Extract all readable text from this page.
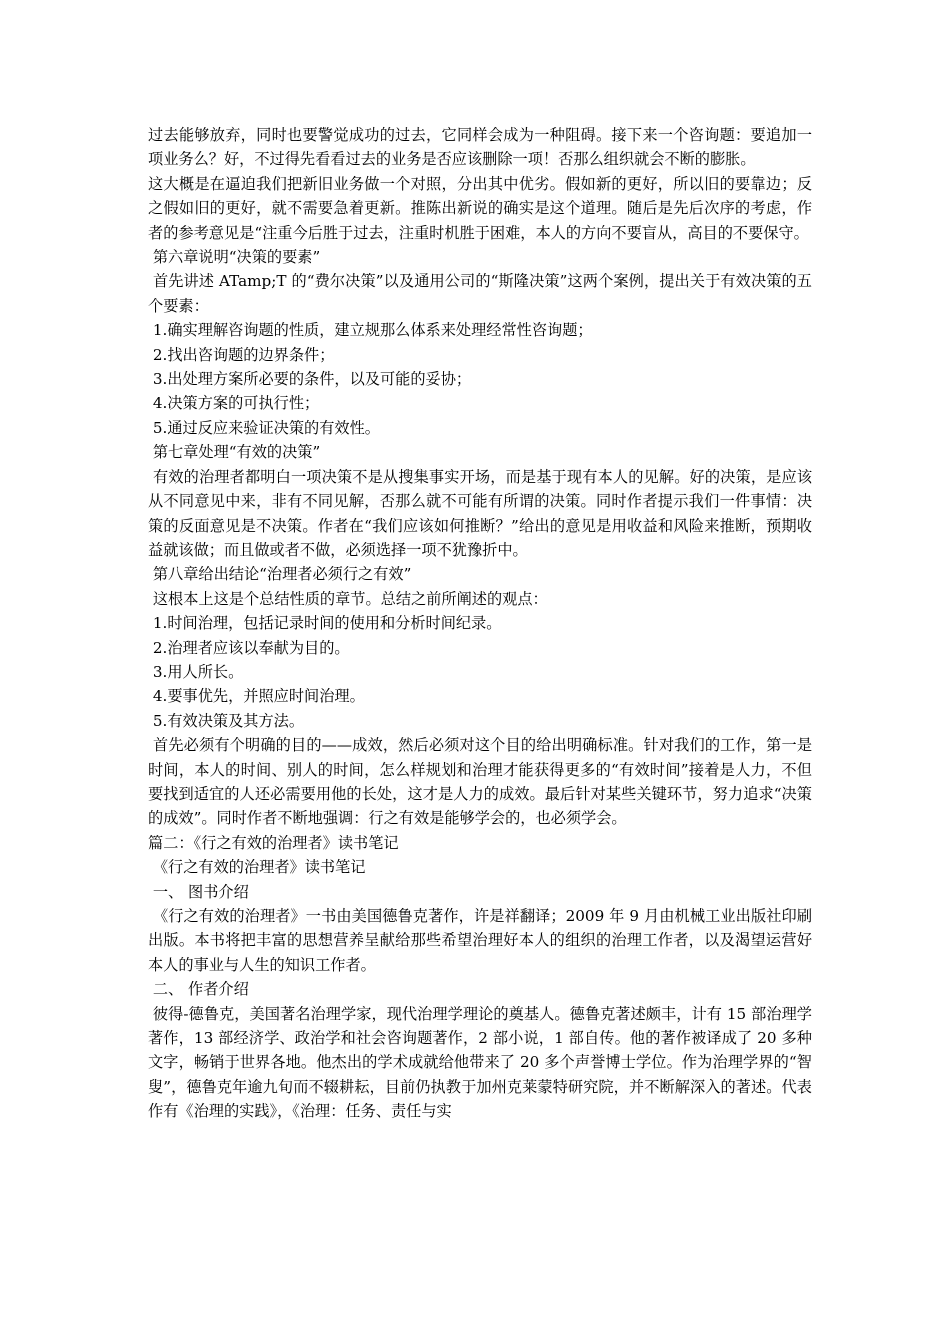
过去能够放弃，同时也要警觉成功的过去，它同样会成为一种阻碍。接下来一个咨询题：要追加一项业务么？好，不过得先看看过去的业务是否应该删除一项！否那么组织就会不断的膨胀。

这大概是在逼迫我们把新旧业务做一个对照，分出其中优劣。假如新的更好，所以旧的要靠边；反之假如旧的更好，就不需要急着更新。推陈出新说的确实是这个道理。随后是先后次序的考虑，作者的参考意见是“注重今后胜于过去，注重时机胜于困难，本人的方向不要盲从，高目的不要保守。

第六章说明“决策的要素”

首先讲述 ATamp;T 的“费尔决策”以及通用公司的“斯隆决策”这两个案例，提出关于有效决策的五个要素：

1.确实理解咨询题的性质，建立规那么体系来处理经常性咨询题；

2.找出咨询题的边界条件；

3.出处理方案所必要的条件，以及可能的妥协；

4.决策方案的可执行性；

5.通过反应来验证决策的有效性。

第七章处理“有效的决策”

有效的治理者都明白一项决策不是从搜集事实开场，而是基于现有本人的见解。好的决策，是应该从不同意见中来，非有不同见解，否那么就不可能有所谓的决策。同时作者提示我们一件事情：决策的反面意见是不决策。作者在“我们应该如何推断？”给出的意见是用收益和风险来推断，预期收益就该做；而且做或者不做，必须选择一项不犹豫折中。

第八章给出结论“治理者必须行之有效”

这根本上这是个总结性质的章节。总结之前所阐述的观点：

1.时间治理，包括记录时间的使用和分析时间纪录。

2.治理者应该以奉献为目的。

3.用人所长。

4.要事优先，并照应时间治理。

5.有效决策及其方法。

首先必须有个明确的目的——成效，然后必须对这个目的给出明确标准。针对我们的工作，第一是时间，本人的时间、别人的时间，怎么样规划和治理才能获得更多的“有效时间”接着是人力，不但要找到适宜的人还必需要用他的长处，这才是人力的成效。最后针对某些关键环节，努力追求“决策的成效”。同时作者不断地强调：行之有效是能够学会的，也必须学会。

篇二：《行之有效的治理者》读书笔记

《行之有效的治理者》读书笔记

一、 图书介绍

《行之有效的治理者》一书由美国德鲁克著作，许是祥翻译；2009 年 9 月由机械工业出版社印刷出版。本书将把丰富的思想营养呈献给那些希望治理好本人的组织的治理工作者，以及渴望运营好本人的事业与人生的知识工作者。

二、 作者介绍

彼得-德鲁克，美国著名治理学家，现代治理学理论的奠基人。德鲁克著述颇丰，计有 15 部治理学著作，13 部经济学、政治学和社会咨询题著作，2 部小说，1 部自传。他的著作被译成了 20 多种文字，畅销于世界各地。他杰出的学术成就给他带来了 20 多个声誉博士学位。作为治理学界的“智叟”，德鲁克年逾九旬而不辍耕耘，目前仍执教于加州克莱蒙特研究院，并不断解深入的著述。代表作有《治理的实践》，《治理：任务、责任与实
